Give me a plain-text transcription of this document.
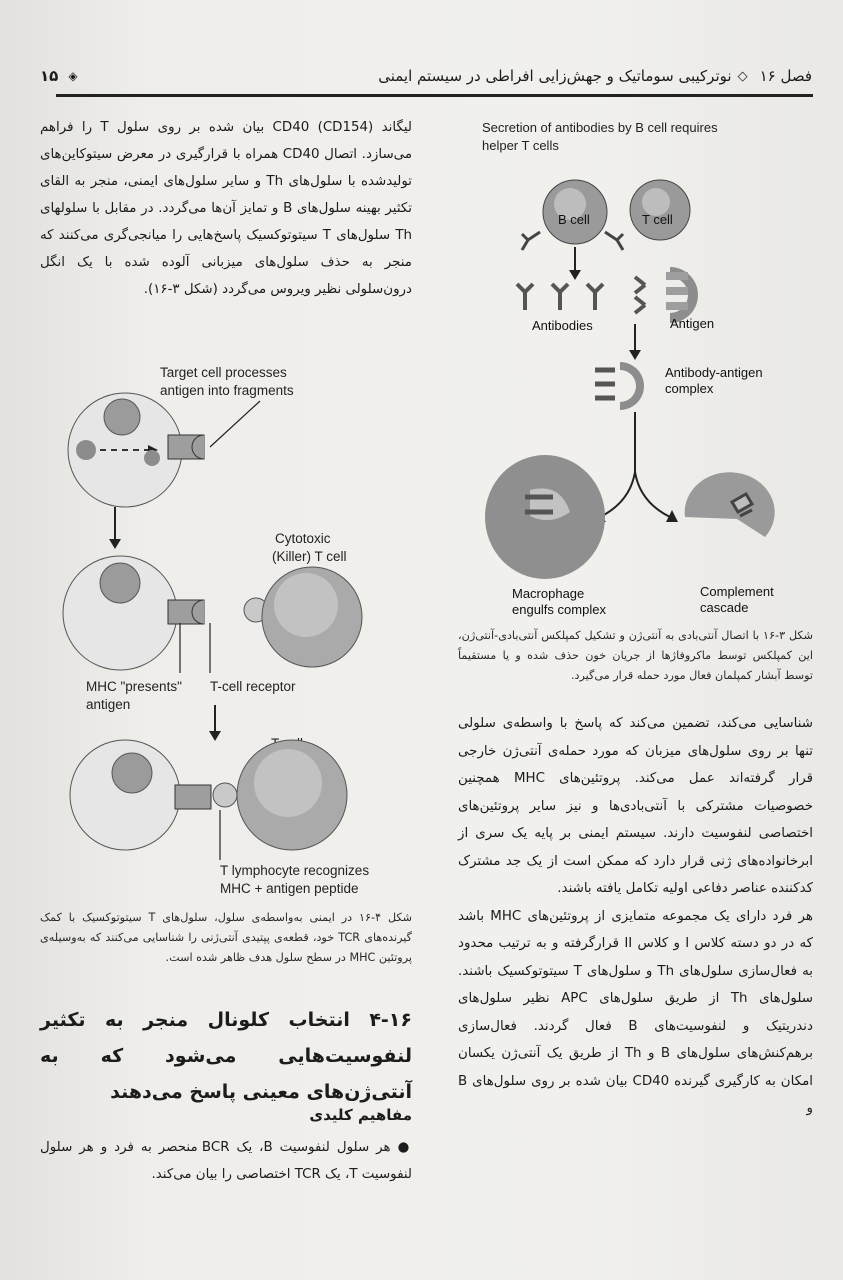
فصل ۱۶
◇
نوترکیبی سوماتیک و جهش‌زایی افراطی در سیستم ایمنی
◈
۱۵
لیگاند CD40 (CD154) بیان شده بر روی سلول T را فراهم می‌سازد. اتصال CD40 همراه با قرارگیری در معرض سیتوکاین‌های تولیدشده با سلول‌های Th و سایر سلول‌های ایمنی، منجر به القای تکثیر بهینه سلول‌های B و تمایز آن‌ها می‌گردد. در مقابل با سلولهای Th سلول‌های T سیتوتوکسیک پاسخ‌هایی را میانجی‌گری می‌کنند که منجر به حذف سلول‌های میزبانی آلوده شده با یک انگل درون‌سلولی نظیر ویروس می‌گردد (شکل ۳-۱۶).
Secretion of antibodies by B cell requires
helper T cells
B cell	T cell
Antibodies	Antigen
Antibody-antigen
complex
Macrophage
engulfs complex
Complement
cascade
شکل ۳-۱۶ با اتصال آنتی‌بادی به آنتی‌ژن و تشکیل کمپلکس آنتی‌بادی-آنتی‌ژن، این کمپلکس توسط ماکروفاژها از جریان خون حذف شده و یا مستقیماً توسط آبشار کمپلمان فعال مورد حمله قرار می‌گیرد.
Target cell processes
antigen into fragments
Cytotoxic
(Killer) T cell
MHC "presents"
antigen
T-cell receptor
T lymphocyte recognizes
MHC + antigen peptide
شکل ۴-۱۶ در ایمنی به‌واسطه‌ی سلول، سلول‌های T سیتوتوکسیک با کمک گیرنده‌های TCR خود، قطعه‌ی پپتیدی آنتی‌ژنی را شناسایی می‌کنند که به‌وسیله‌ی پروتئین MHC در سطح سلول هدف ظاهر شده است.

شناسایی می‌کند، تضمین می‌کند که پاسخ با واسطه‌ی سلولی تنها بر روی سلول‌های میزبان که مورد حمله‌ی آنتی‌ژن خارجی قرار گرفته‌اند عمل می‌کند. پروتئین‌های MHC همچنین خصوصیات مشترکی با آنتی‌بادی‌ها و نیز سایر پروتئین‌های اختصاصی لنفوسیت دارند. سیستم ایمنی بر پایه یک سری از ابرخانواده‌های ژنی قرار دارد که ممکن است از یک جد مشترک کدکننده عناصر دفاعی اولیه تکامل یافته باشند.

هر فرد دارای یک مجموعه متمایزی از پروتئین‌های MHC باشد که در دو دسته کلاس I و کلاس II قرارگرفته و به ترتیب محدود به فعال‌سازی سلول‌های Th و سلول‌های T سیتوتوکسیک باشند. سلول‌های Th از طریق سلول‌های APC نظیر سلول‌های دندریتیک و لنفوسیت‌های B فعال گردند. فعال‌سازی برهم‌کنش‌های سلول‌های B و Th از طریق یک آنتی‌ژن یکسان امکان به کارگیری گیرنده CD40 بیان شده بر روی سلول‌های B و

۴-۱۶ انتخاب کلونال منجر به تکثیر لنفوسیت‌هایی می‌شود که به آنتی‌ژن‌های معینی پاسخ می‌دهند
مفاهیم کلیدی
● هر سلول لنفوسیت B، یک BCR منحصر به فرد و هر سلول لنفوسیت T، یک TCR اختصاصی را بیان می‌کند.
